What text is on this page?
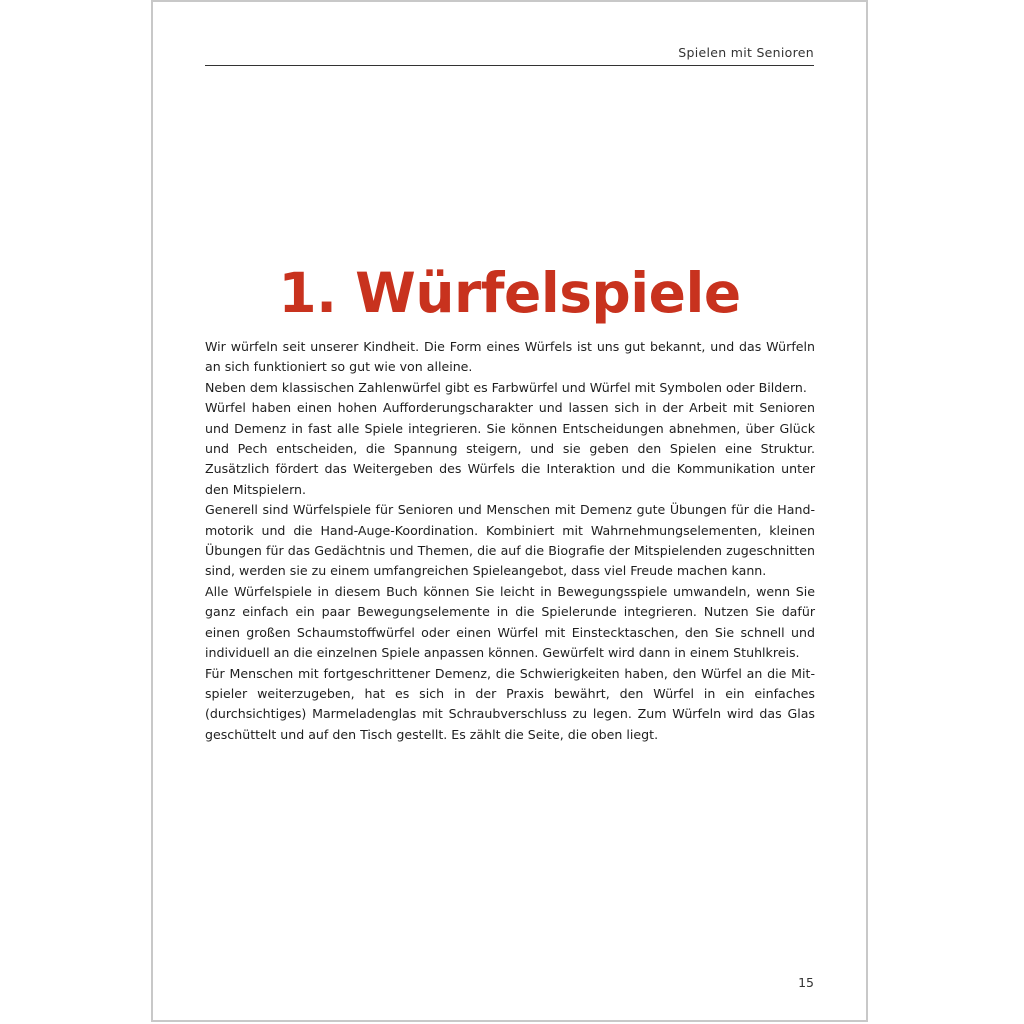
Spielen mit Senioren
1. Würfelspiele

Wir würfeln seit unserer Kindheit. Die Form eines Würfels ist uns gut bekannt, und das Würfeln an sich funktioniert so gut wie von alleine.

Neben dem klassischen Zahlenwürfel gibt es Farbwürfel und Würfel mit Symbolen oder Bildern.

Würfel haben einen hohen Aufforderungscharakter und lassen sich in der Arbeit mit Senioren und Demenz in fast alle Spiele integrieren. Sie können Entscheidungen abnehmen, über Glück und Pech entscheiden, die Spannung steigern, und sie geben den Spielen eine Struktur. Zusätzlich fördert das Weitergeben des Würfels die Interaktion und die Kommunikation unter den Mitspielern.

Generell sind Würfelspiele für Senioren und Menschen mit Demenz gute Übungen für die Handmotorik und die Hand-Auge-Koordination. Kombiniert mit Wahrnehmungselementen, kleinen Übungen für das Gedächtnis und Themen, die auf die Biografie der Mitspielenden zugeschnitten sind, werden sie zu einem umfangreichen Spieleangebot, dass viel Freude machen kann.

Alle Würfelspiele in diesem Buch können Sie leicht in Bewegungsspiele umwandeln, wenn Sie ganz einfach ein paar Bewegungselemente in die Spielerunde integrieren. Nutzen Sie dafür einen großen Schaumstoffwürfel oder einen Würfel mit Einstecktaschen, den Sie schnell und individuell an die einzelnen Spiele anpassen können. Gewürfelt wird dann in einem Stuhlkreis.

Für Menschen mit fortgeschrittener Demenz, die Schwierigkeiten haben, den Würfel an die Mitspieler weiterzugeben, hat es sich in der Praxis bewährt, den Würfel in ein einfaches (durchsichtiges) Marmeladenglas mit Schraubverschluss zu legen. Zum Würfeln wird das Glas geschüttelt und auf den Tisch gestellt. Es zählt die Seite, die oben liegt.

15
